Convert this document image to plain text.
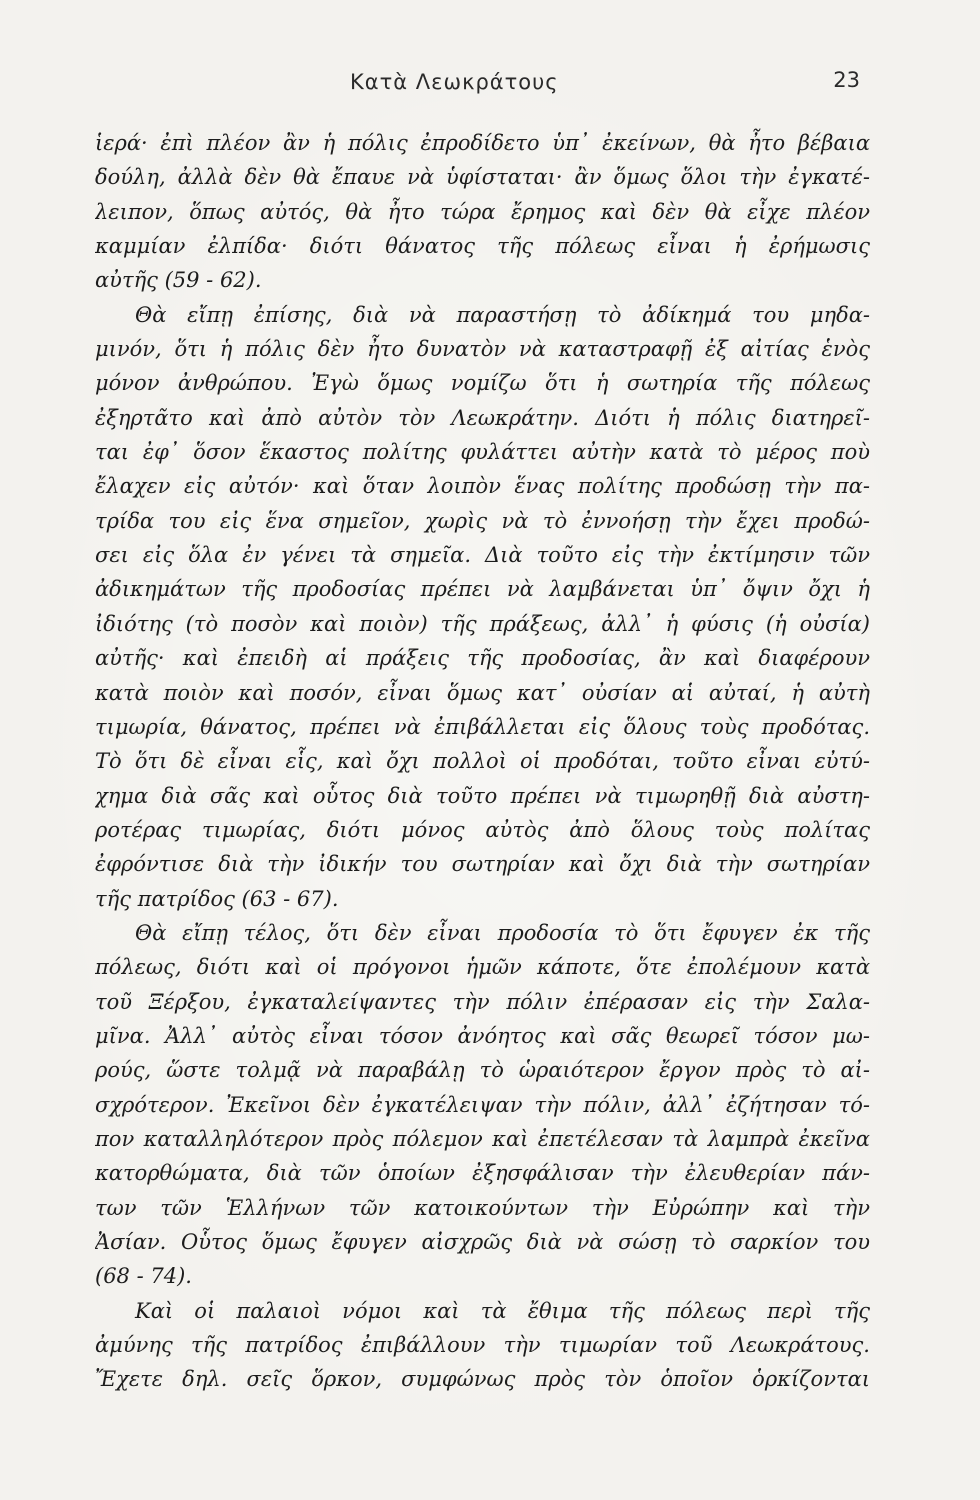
Κατὰ Λεωκράτους	23
ἱερά· ἐπὶ πλέον ἂν ἡ πόλις ἐπροδίδετο ὑπ᾿ ἐκείνων, θὰ ἦτο βέβαια
δούλη, ἀλλὰ δὲν θὰ ἔπαυε νὰ ὑφίσταται· ἂν ὅμως ὅλοι τὴν ἐγκατέ-
λειπον, ὅπως αὐτός, θὰ ἦτο τώρα ἔρημος καὶ δὲν θὰ εἶχε πλέον
καμμίαν ἐλπίδα· διότι θάνατος τῆς πόλεως εἶναι ἡ ἐρήμωσις
αὐτῆς (59 - 62).
Θὰ εἴπῃ ἐπίσης, διὰ νὰ παραστήσῃ τὸ ἀδίκημά του μηδα-
μινόν, ὅτι ἡ πόλις δὲν ἦτο δυνατὸν νὰ καταστραφῇ ἐξ αἰτίας ἑνὸς
μόνον ἀνθρώπου. Ἐγὼ ὅμως νομίζω ὅτι ἡ σωτηρία τῆς πόλεως
ἐξηρτᾶτο καὶ ἀπὸ αὐτὸν τὸν Λεωκράτην. Διότι ἡ πόλις διατηρεῖ-
ται ἐφ᾿ ὅσον ἕκαστος πολίτης φυλάττει αὐτὴν κατὰ τὸ μέρος ποὺ
ἔλαχεν εἰς αὐτόν· καὶ ὅταν λοιπὸν ἕνας πολίτης προδώσῃ τὴν πα-
τρίδα του εἰς ἕνα σημεῖον, χωρὶς νὰ τὸ ἐννοήσῃ τὴν ἔχει προδώ-
σει εἰς ὅλα ἐν γένει τὰ σημεῖα. Διὰ τοῦτο εἰς τὴν ἐκτίμησιν τῶν
ἀδικημάτων τῆς προδοσίας πρέπει νὰ λαμβάνεται ὑπ᾿ ὄψιν ὄχι ἡ
ἰδιότης (τὸ ποσὸν καὶ ποιὸν) τῆς πράξεως, ἀλλ᾿ ἡ φύσις (ἡ οὐσία)
αὐτῆς· καὶ ἐπειδὴ αἱ πράξεις τῆς προδοσίας, ἂν καὶ διαφέρουν
κατὰ ποιὸν καὶ ποσόν, εἶναι ὅμως κατ᾿ οὐσίαν αἱ αὐταί, ἡ αὐτὴ
τιμωρία, θάνατος, πρέπει νὰ ἐπιβάλλεται εἰς ὅλους τοὺς προδότας.
Τὸ ὅτι δὲ εἶναι εἷς, καὶ ὄχι πολλοὶ οἱ προδόται, τοῦτο εἶναι εὐτύ-
χημα διὰ σᾶς καὶ οὗτος διὰ τοῦτο πρέπει νὰ τιμωρηθῇ διὰ αὐστη-
ροτέρας τιμωρίας, διότι μόνος αὐτὸς ἀπὸ ὅλους τοὺς πολίτας
ἐφρόντισε διὰ τὴν ἰδικήν του σωτηρίαν καὶ ὄχι διὰ τὴν σωτηρίαν
τῆς πατρίδος (63 - 67).
Θὰ εἴπῃ τέλος, ὅτι δὲν εἶναι προδοσία τὸ ὅτι ἔφυγεν ἐκ τῆς
πόλεως, διότι καὶ οἱ πρόγονοι ἡμῶν κάποτε, ὅτε ἐπολέμουν κατὰ
τοῦ Ξέρξου, ἐγκαταλείψαντες τὴν πόλιν ἐπέρασαν εἰς τὴν Σαλα-
μῖνα. Ἀλλ᾿ αὐτὸς εἶναι τόσον ἀνόητος καὶ σᾶς θεωρεῖ τόσον μω-
ρούς, ὥστε τολμᾷ νὰ παραβάλῃ τὸ ὡραιότερον ἔργον πρὸς τὸ αἰ-
σχρότερον. Ἐκεῖνοι δὲν ἐγκατέλειψαν τὴν πόλιν, ἀλλ᾿ ἐζήτησαν τό-
πον καταλληλότερον πρὸς πόλεμον καὶ ἐπετέλεσαν τὰ λαμπρὰ ἐκεῖνα
κατορθώματα, διὰ τῶν ὁποίων ἐξησφάλισαν τὴν ἐλευθερίαν πάν-
των τῶν Ἑλλήνων τῶν κατοικούντων τὴν Εὐρώπην καὶ τὴν
Ἀσίαν. Οὗτος ὅμως ἔφυγεν αἰσχρῶς διὰ νὰ σώσῃ τὸ σαρκίον του
(68 - 74).
Καὶ οἱ παλαιοὶ νόμοι καὶ τὰ ἔθιμα τῆς πόλεως περὶ τῆς
ἀμύνης τῆς πατρίδος ἐπιβάλλουν τὴν τιμωρίαν τοῦ Λεωκράτους.
Ἔχετε δηλ. σεῖς ὅρκον, συμφώνως πρὸς τὸν ὁποῖον ὁρκίζονται
